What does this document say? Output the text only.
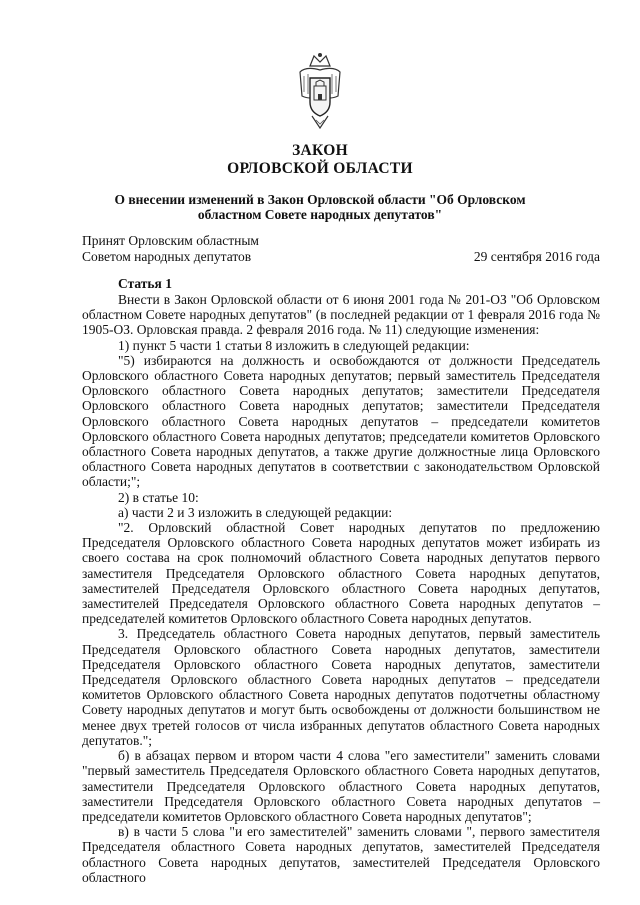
ЗАКОН
ОРЛОВСКОЙ ОБЛАСТИ
О внесении изменений в Закон Орловской области "Об Орловском областном Совете народных депутатов"
Принят Орловским областным
Советом народных депутатов	29 сентября 2016 года
Статья 1

Внести в Закон Орловской области от 6 июня 2001 года № 201-ОЗ "Об Орловском областном Совете народных депутатов" (в последней редакции от 1 февраля 2016 года № 1905-ОЗ. Орловская правда. 2 февраля 2016 года. № 11) следующие изменения:

1) пункт 5 части 1 статьи 8 изложить в следующей редакции:

"5) избираются на должность и освобождаются от должности Председатель Орловского областного Совета народных депутатов; первый заместитель Председателя Орловского областного Совета народных депутатов; заместители Председателя Орловского областного Совета народных депутатов; заместители Председателя Орловского областного Совета народных депутатов – председатели комитетов Орловского областного Совета народных депутатов; председатели комитетов Орловского областного Совета народных депутатов, а также другие должностные лица Орловского областного Совета народных депутатов в соответствии с законодательством Орловской области;";

2) в статье 10:

а) части 2 и 3 изложить в следующей редакции:

"2. Орловский областной Совет народных депутатов по предложению Председателя Орловского областного Совета народных депутатов может избирать из своего состава на срок полномочий областного Совета народных депутатов первого заместителя Председателя Орловского областного Совета народных депутатов, заместителей Председателя Орловского областного Совета народных депутатов, заместителей Председателя Орловского областного Совета народных депутатов – председателей комитетов Орловского областного Совета народных депутатов.

3. Председатель областного Совета народных депутатов, первый заместитель Председателя Орловского областного Совета народных депутатов, заместители Председателя Орловского областного Совета народных депутатов, заместители Председателя Орловского областного Совета народных депутатов – председатели комитетов Орловского областного Совета народных депутатов подотчетны областному Совету народных депутатов и могут быть освобождены от должности большинством не менее двух третей голосов от числа избранных депутатов областного Совета народных депутатов.";

б) в абзацах первом и втором части 4 слова "его заместители" заменить словами "первый заместитель Председателя Орловского областного Совета народных депутатов, заместители Председателя Орловского областного Совета народных депутатов, заместители Председателя Орловского областного Совета народных депутатов – председатели комитетов Орловского областного Совета народных депутатов";

в) в части 5 слова "и его заместителей" заменить словами ", первого заместителя Председателя областного Совета народных депутатов, заместителей Председателя областного Совета народных депутатов, заместителей Председателя Орловского областного
